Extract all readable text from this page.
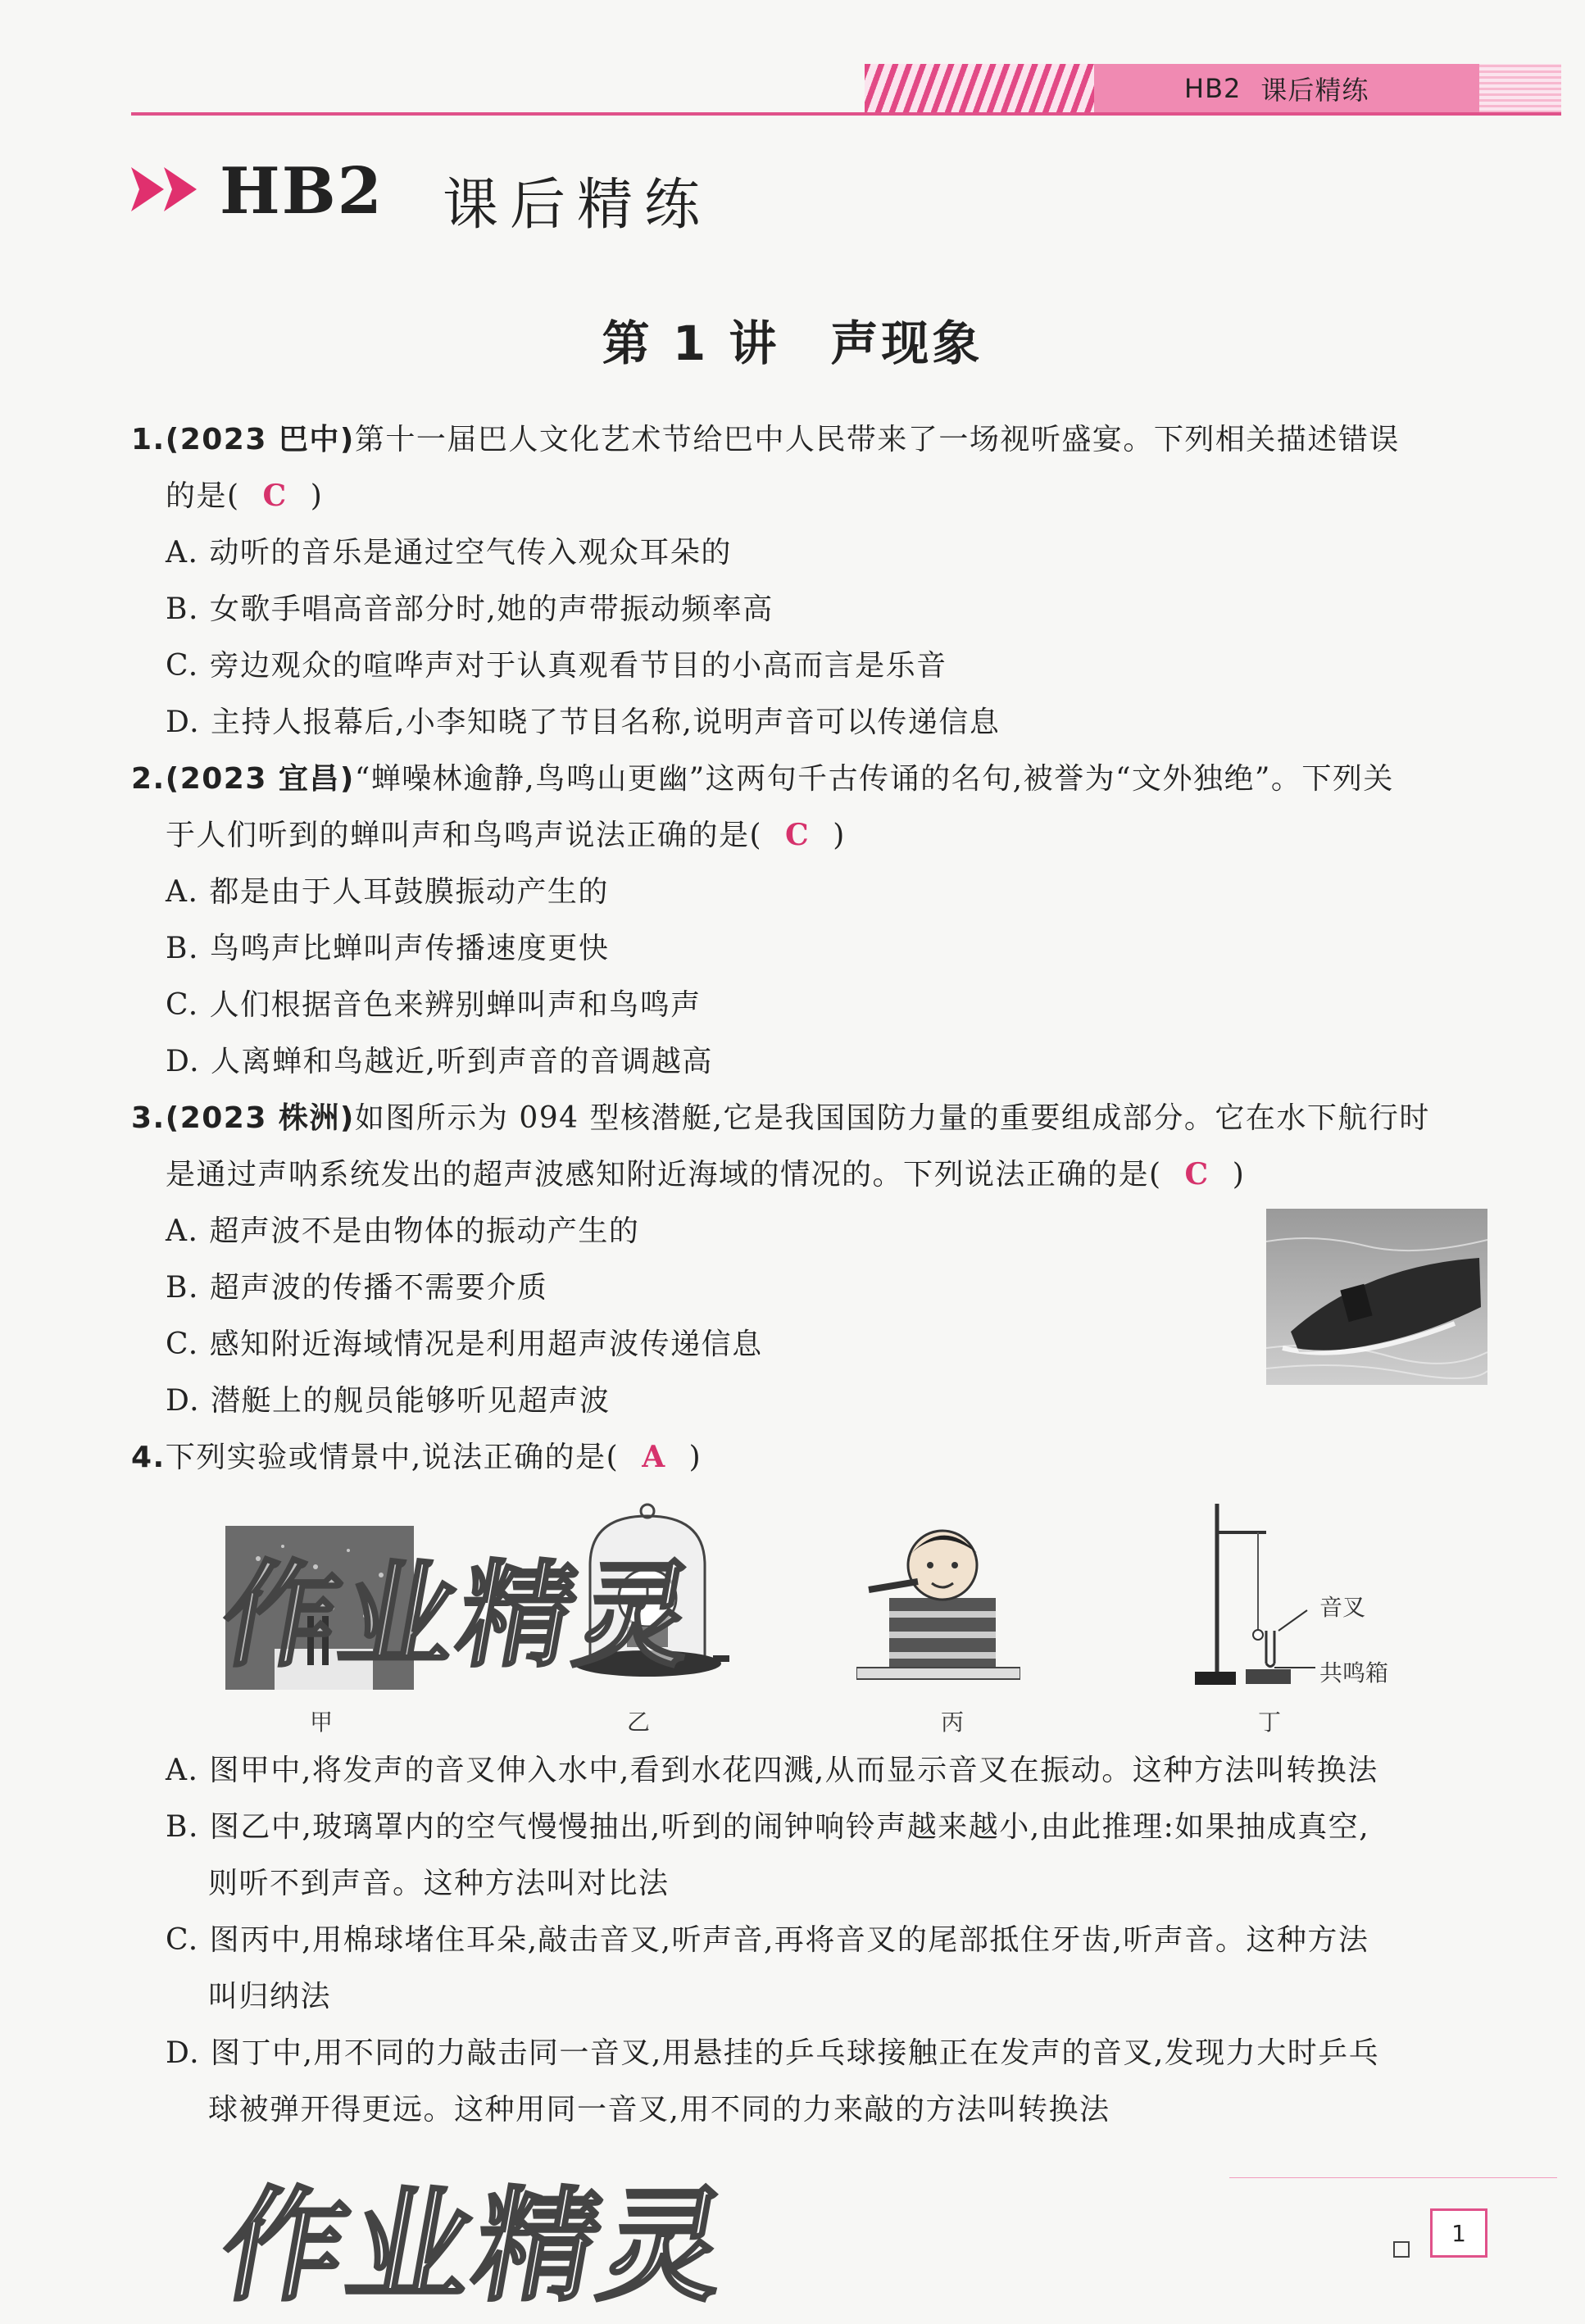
HB2 课后精练
HB2 课后精练
第 1 讲　声现象
1.(2023 巴中)第十一届巴人文化艺术节给巴中人民带来了一场视听盛宴。下列相关描述错误
的是( C )
A. 动听的音乐是通过空气传入观众耳朵的
B. 女歌手唱高音部分时,她的声带振动频率高
C. 旁边观众的喧哗声对于认真观看节目的小高而言是乐音
D. 主持人报幕后,小李知晓了节目名称,说明声音可以传递信息
2.(2023 宜昌)“蝉噪林逾静,鸟鸣山更幽”这两句千古传诵的名句,被誉为“文外独绝”。下列关
于人们听到的蝉叫声和鸟鸣声说法正确的是( C )
A. 都是由于人耳鼓膜振动产生的
B. 鸟鸣声比蝉叫声传播速度更快
C. 人们根据音色来辨别蝉叫声和鸟鸣声
D. 人离蝉和鸟越近,听到声音的音调越高
3.(2023 株洲)如图所示为 094 型核潜艇,它是我国国防力量的重要组成部分。它在水下航行时
是通过声呐系统发出的超声波感知附近海域的情况的。下列说法正确的是( C )
A. 超声波不是由物体的振动产生的
B. 超声波的传播不需要介质
C. 感知附近海域情况是利用超声波传递信息
D. 潜艇上的舰员能够听见超声波
4.下列实验或情景中,说法正确的是( A )
甲	乙	丙
音叉
共鸣箱
丁
作业精灵
A. 图甲中,将发声的音叉伸入水中,看到水花四溅,从而显示音叉在振动。这种方法叫转换法
B. 图乙中,玻璃罩内的空气慢慢抽出,听到的闹钟响铃声越来越小,由此推理:如果抽成真空,
则听不到声音。这种方法叫对比法
C. 图丙中,用棉球堵住耳朵,敲击音叉,听声音,再将音叉的尾部抵住牙齿,听声音。这种方法
叫归纳法
D. 图丁中,用不同的力敲击同一音叉,用悬挂的乒乓球接触正在发声的音叉,发现力大时乒乓
球被弹开得更远。这种用同一音叉,用不同的力来敲的方法叫转换法
作业精灵	1
